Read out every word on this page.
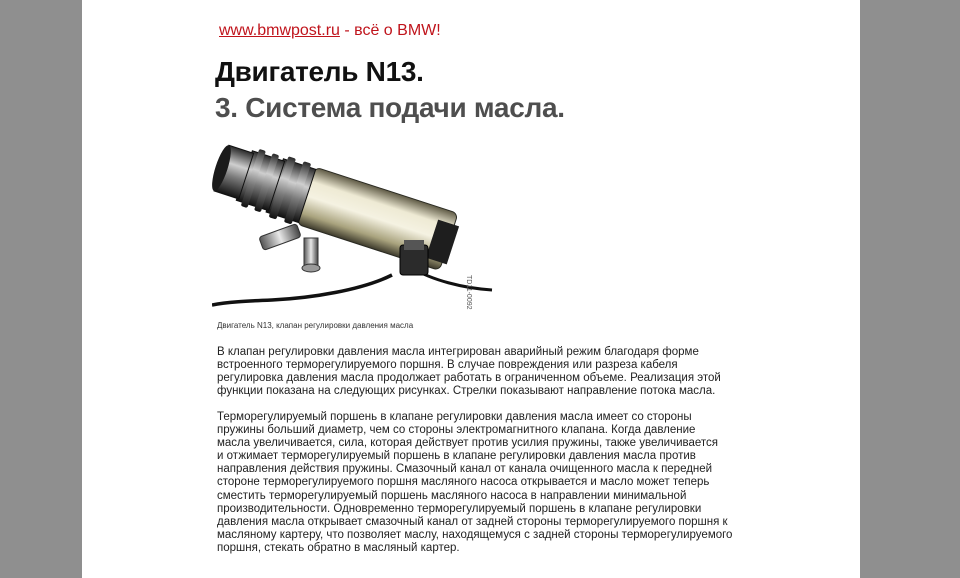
www.bmwpost.ru - всё о BMW!
Двигатель N13.
3. Система подачи масла.
TD11-0092
Двигатель N13, клапан регулировки давления масла
В клапан регулировки давления масла интегрирован аварийный режим благодаря форме
встроенного терморегулируемого поршня. В случае повреждения или разреза кабеля
регулировка давления масла продолжает работать в ограниченном объеме. Реализация этой
функции показана на следующих рисунках. Стрелки показывают направление потока масла.
Терморегулируемый поршень в клапане регулировки давления масла имеет со стороны
пружины больший диаметр, чем со стороны электромагнитного клапана. Когда давление
масла увеличивается, сила, которая действует против усилия пружины, также увеличивается
и отжимает терморегулируемый поршень в клапане регулировки давления масла против
направления действия пружины. Смазочный канал от канала очищенного масла к передней
стороне терморегулируемого поршня масляного насоса открывается и масло может теперь
сместить терморегулируемый поршень масляного насоса в направлении минимальной
производительности. Одновременно терморегулируемый поршень в клапане регулировки
давления масла открывает смазочный канал от задней стороны терморегулируемого поршня к
масляному картеру, что позволяет маслу, находящемуся с задней стороны терморегулируемого
поршня, стекать обратно в масляный картер.
